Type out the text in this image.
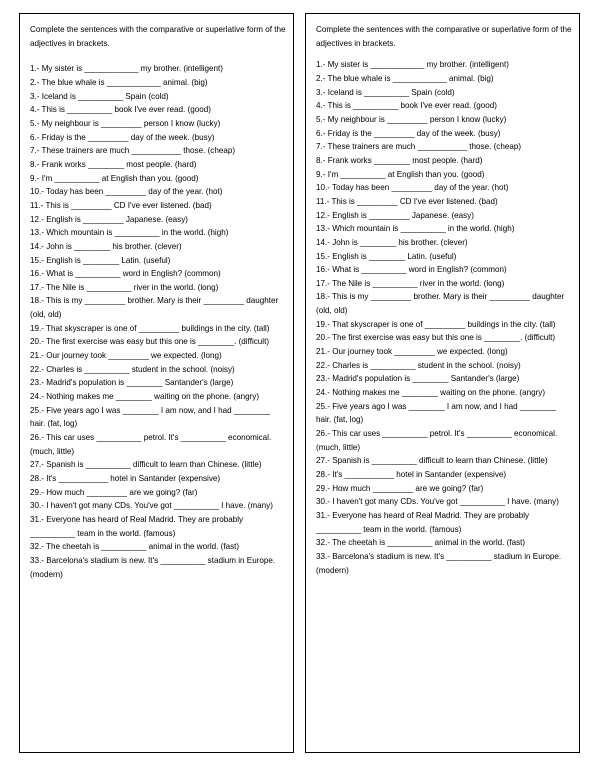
Complete the sentences with the comparative or superlative form of the adjectives in brackets.

1.- My sister is ____________ my brother. (intelligent)
2.- The blue whale is ____________ animal. (big)
3.- Iceland is __________ Spain (cold)
4.- This is __________ book I've ever read. (good)
5.- My neighbour is _________ person I know (lucky)
6.- Friday is the _________ day of the week. (busy)
7.- These trainers are much ___________ those. (cheap)
8.- Frank works ________ most people. (hard)
9.- I'm __________ at English than you. (good)
10.- Today has been _________ day of the year. (hot)
11.- This is _________ CD I've ever listened. (bad)
12.- English is _________ Japanese. (easy)
13.- Which mountain is __________ in the world. (high)
14.- John is ________ his brother. (clever)
15.- English is ________ Latin. (useful)
16.- What is __________ word in English? (common)
17.- The Nile is __________ river in the world. (long)
18.- This is my _________ brother. Mary is their _________ daughter (old, old)
19.- That skyscraper is one of _________ buildings in the city. (tall)
20.- The first exercise was easy but this one is ________. (difficult)
21.- Our journey took _________ we expected. (long)
22.- Charles is __________ student in the school. (noisy)
23.- Madrid's population is ________ Santander's (large)
24.- Nothing makes me ________ waiting on the phone. (angry)
25.- Five years ago I was ________ I am now, and I had ________ hair. (fat, log)
26.- This car uses __________ petrol. It's __________ economical. (much, little)
27.- Spanish is __________ difficult to learn than Chinese. (little)
28.- It's ___________ hotel in Santander (expensive)
29.- How much _________ are we going? (far)
30.- I haven't got many CDs. You've got __________ I have. (many)
31.- Everyone has heard of Real Madrid. They are probably __________ team in the world. (famous)
32.- The cheetah is __________ animal in the world. (fast)
33.- Barcelona's stadium is new. It's __________ stadium in Europe. (modern)

Complete the sentences with the comparative or superlative form of the adjectives in brackets.

1.- My sister is ____________ my brother. (intelligent)
2.- The blue whale is ____________ animal. (big)
3.- Iceland is __________ Spain (cold)
4.- This is __________ book I've ever read. (good)
5.- My neighbour is _________ person I know (lucky)
6.- Friday is the _________ day of the week. (busy)
7.- These trainers are much ___________ those. (cheap)
8.- Frank works ________ most people. (hard)
9.- I'm __________ at English than you. (good)
10.- Today has been _________ day of the year. (hot)
11.- This is _________ CD I've ever listened. (bad)
12.- English is _________ Japanese. (easy)
13.- Which mountain is __________ in the world. (high)
14.- John is ________ his brother. (clever)
15.- English is ________ Latin. (useful)
16.- What is __________ word in English? (common)
17.- The Nile is __________ river in the world. (long)
18.- This is my _________ brother. Mary is their _________ daughter (old, old)
19.- That skyscraper is one of _________ buildings in the city. (tall)
20.- The first exercise was easy but this one is ________. (difficult)
21.- Our journey took _________ we expected. (long)
22.- Charles is __________ student in the school. (noisy)
23.- Madrid's population is ________ Santander's (large)
24.- Nothing makes me ________ waiting on the phone. (angry)
25.- Five years ago I was ________ I am now, and I had ________ hair. (fat, log)
26.- This car uses __________ petrol. It's __________ economical. (much, little)
27.- Spanish is __________ difficult to learn than Chinese. (little)
28.- It's ___________ hotel in Santander (expensive)
29.- How much _________ are we going? (far)
30.- I haven't got many CDs. You've got __________ I have. (many)
31.- Everyone has heard of Real Madrid. They are probably __________ team in the world. (famous)
32.- The cheetah is __________ animal in the world. (fast)
33.- Barcelona's stadium is new. It's __________ stadium in Europe. (modern)
